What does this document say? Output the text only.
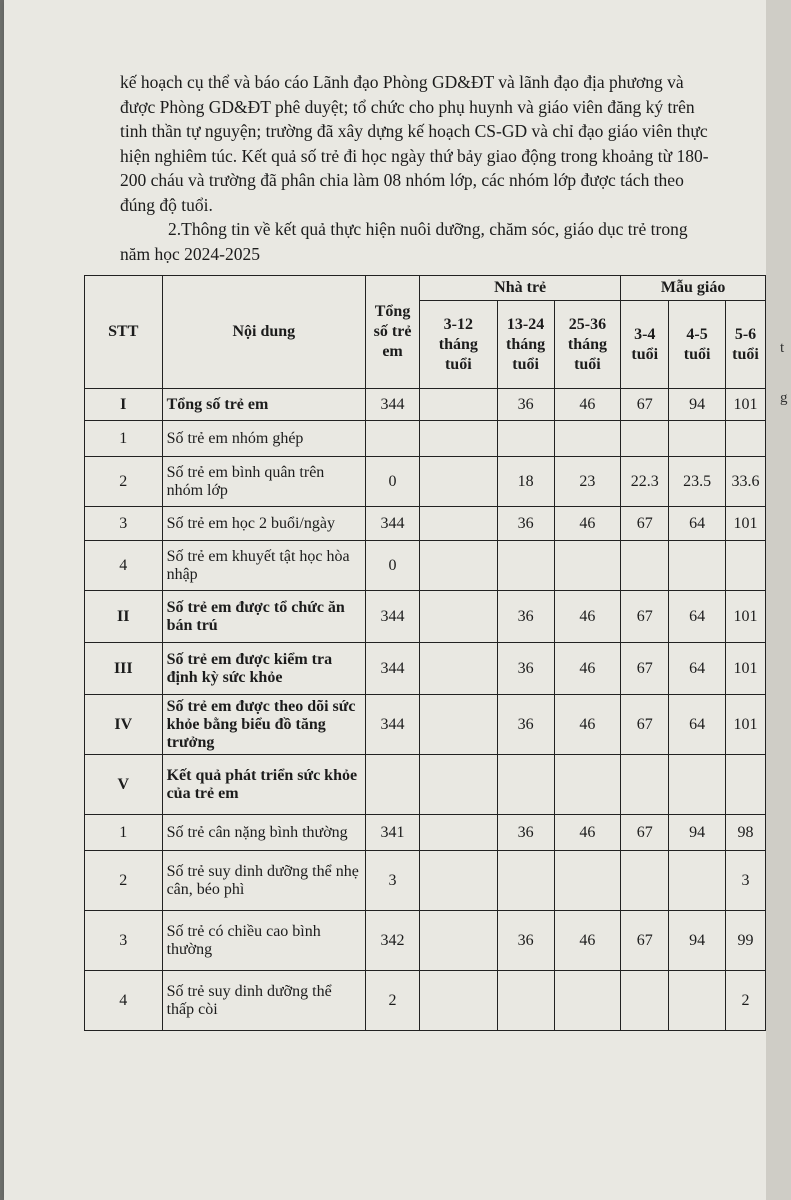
kế hoạch cụ thể và báo cáo Lãnh đạo Phòng GD&ĐT và lãnh đạo địa phương và

được Phòng GD&ĐT phê duyệt; tổ chức cho phụ huynh và giáo viên đăng ký trên

tinh thần tự nguyện; trường đã xây dựng kế hoạch CS-GD và chỉ đạo giáo viên thực

hiện nghiêm túc. Kết quả số trẻ đi học ngày thứ bảy giao động trong khoảng từ 180-

200 cháu và trường đã phân chia làm 08 nhóm lớp, các nhóm lớp được tách theo

đúng độ tuổi.

2.Thông tin về kết quả thực hiện nuôi dưỡng, chăm sóc, giáo dục trẻ trong

năm học 2024-2025

STT	Nội dung	Tổng số trẻ em	Nhà trẻ			Mẫu giáo		
			3-12 tháng tuổi	13-24 tháng tuổi	25-36 tháng tuổi	3-4 tuổi	4-5 tuổi	5-6 tuổi
I	Tổng số trẻ em	344		36	46	67	94	101
1	Số trẻ em nhóm ghép							
2	Số trẻ em bình quân trên nhóm lớp	0		18	23	22.3	23.5	33.6
3	Số trẻ em học 2 buổi/ngày	344		36	46	67	64	101
4	Số trẻ em khuyết tật học hòa nhập	0						
II	Số trẻ em được tổ chức ăn bán trú	344		36	46	67	64	101
III	Số trẻ em được kiểm tra định kỳ sức khỏe	344		36	46	67	64	101
IV	Số trẻ em được theo dõi sức khỏe bằng biểu đồ tăng trưởng	344		36	46	67	64	101
V	Kết quả phát triển sức khỏe của trẻ em							
1	Số trẻ cân nặng bình thường	341		36	46	67	94	98
2	Số trẻ suy dinh dưỡng thể nhẹ cân, béo phì	3						3
3	Số trẻ có chiều cao bình thường	342		36	46	67	94	99
4	Số trẻ suy dinh dưỡng thể thấp còi	2						2
t
g
